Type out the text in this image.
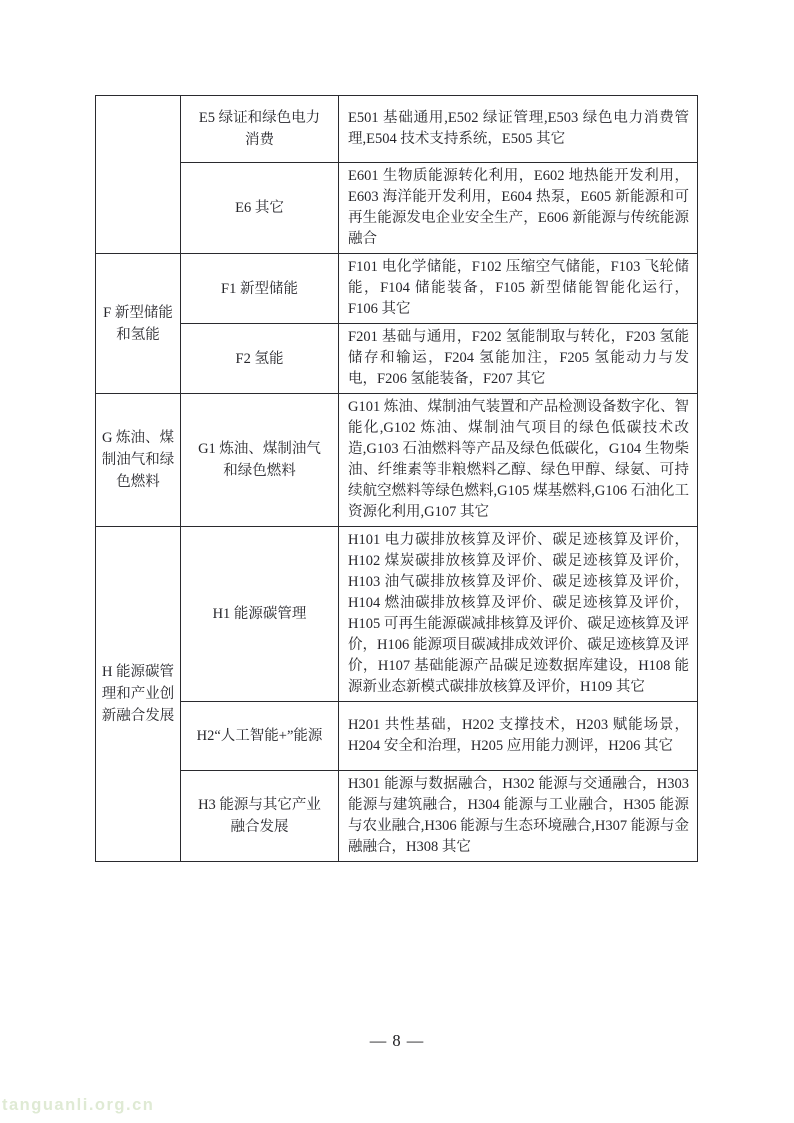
	E5 绿证和绿色电力消费	E501 基础通用,E502 绿证管理,E503 绿色电力消费管理,E504 技术支持系统，E505 其它
	E6 其它	E601 生物质能源转化利用，E602 地热能开发利用，E603 海洋能开发利用，E604 热泵，E605 新能源和可再生能源发电企业安全生产，E606 新能源与传统能源融合
F 新型储能和氢能	F1 新型储能	F101 电化学储能，F102 压缩空气储能，F103 飞轮储能，F104 储能装备，F105 新型储能智能化运行，F106 其它
	F2 氢能	F201 基础与通用，F202 氢能制取与转化，F203 氢能储存和输运，F204 氢能加注，F205 氢能动力与发电，F206 氢能装备，F207 其它
G 炼油、煤制油气和绿色燃料	G1 炼油、煤制油气和绿色燃料	G101 炼油、煤制油气装置和产品检测设备数字化、智能化,G102 炼油、煤制油气项目的绿色低碳技术改造,G103 石油燃料等产品及绿色低碳化，G104 生物柴油、纤维素等非粮燃料乙醇、绿色甲醇、绿氨、可持续航空燃料等绿色燃料,G105 煤基燃料,G106 石油化工资源化利用,G107 其它
H 能源碳管理和产业创新融合发展	H1 能源碳管理	H101 电力碳排放核算及评价、碳足迹核算及评价，H102 煤炭碳排放核算及评价、碳足迹核算及评价，H103 油气碳排放核算及评价、碳足迹核算及评价，H104 燃油碳排放核算及评价、碳足迹核算及评价，H105 可再生能源碳减排核算及评价、碳足迹核算及评价，H106 能源项目碳减排成效评价、碳足迹核算及评价，H107 基础能源产品碳足迹数据库建设，H108 能源新业态新模式碳排放核算及评价，H109 其它
	H2“人工智能+”能源	H201 共性基础，H202 支撑技术，H203 赋能场景，H204 安全和治理，H205 应用能力测评，H206 其它
	H3 能源与其它产业融合发展	H301 能源与数据融合，H302 能源与交通融合，H303 能源与建筑融合，H304 能源与工业融合，H305 能源与农业融合,H306 能源与生态环境融合,H307 能源与金融融合，H308 其它
— 8 —
tanguanli.org.cn
